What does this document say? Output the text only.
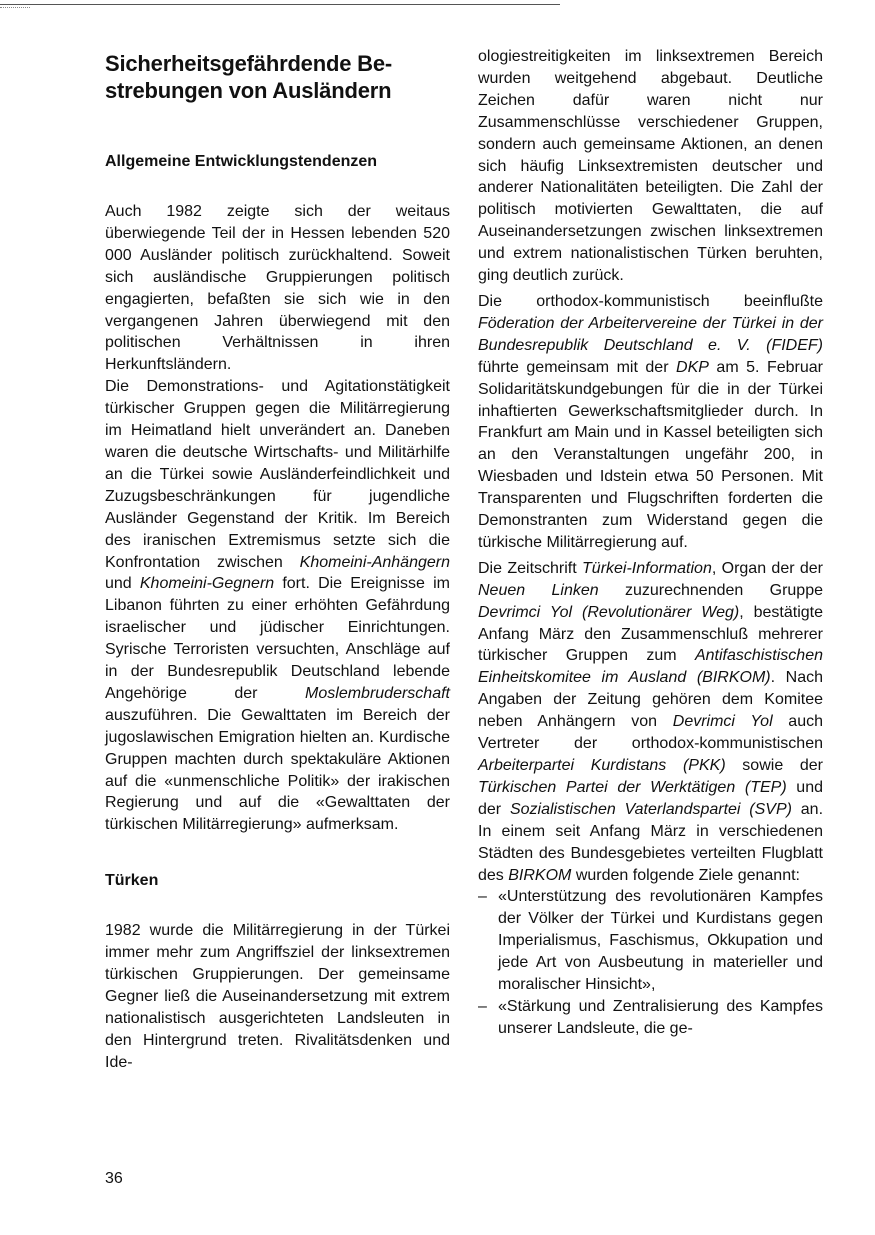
Sicherheitsgefährdende Be-
strebungen von Ausländern
Allgemeine Entwicklungstendenzen

Auch 1982 zeigte sich der weitaus überwiegende Teil der in Hessen lebenden 520 000 Ausländer politisch zurückhaltend. Soweit sich ausländische Gruppierungen politisch engagierten, befaßten sie sich wie in den vergangenen Jahren überwiegend mit den politischen Verhältnissen in ihren Herkunftsländern.

Die Demonstrations- und Agitationstätigkeit türkischer Gruppen gegen die Militärregierung im Heimatland hielt unverändert an. Daneben waren die deutsche Wirtschafts- und Militärhilfe an die Türkei sowie Ausländerfeindlichkeit und Zuzugsbeschränkungen für jugendliche Ausländer Gegenstand der Kritik. Im Bereich des iranischen Extremismus setzte sich die Konfrontation zwischen Khomeini-Anhängern und Khomeini-Gegnern fort. Die Ereignisse im Libanon führten zu einer erhöhten Gefährdung israelischer und jüdischer Einrichtungen. Syrische Terroristen versuchten, Anschläge auf in der Bundesrepublik Deutschland lebende Angehörige der Moslembruderschaft auszuführen. Die Gewalttaten im Bereich der jugoslawischen Emigration hielten an. Kurdische Gruppen machten durch spektakuläre Aktionen auf die «unmenschliche Politik» der irakischen Regierung und auf die «Gewalttaten der türkischen Militärregierung» aufmerksam.

Türken

1982 wurde die Militärregierung in der Türkei immer mehr zum Angriffsziel der linksextremen türkischen Gruppierungen. Der gemeinsame Gegner ließ die Auseinandersetzung mit extrem nationalistisch ausgerichteten Landsleuten in den Hintergrund treten. Rivalitätsdenken und Ide-

ologiestreitigkeiten im linksextremen Bereich wurden weitgehend abgebaut. Deutliche Zeichen dafür waren nicht nur Zusammenschlüsse verschiedener Gruppen, sondern auch gemeinsame Aktionen, an denen sich häufig Linksextremisten deutscher und anderer Nationalitäten beteiligten. Die Zahl der politisch motivierten Gewalttaten, die auf Auseinandersetzungen zwischen linksextremen und extrem nationalistischen Türken beruhten, ging deutlich zurück.

Die orthodox-kommunistisch beeinflußte Föderation der Arbeitervereine der Türkei in der Bundesrepublik Deutschland e. V. (FIDEF) führte gemeinsam mit der DKP am 5. Februar Solidaritätskundgebungen für die in der Türkei inhaftierten Gewerkschaftsmitglieder durch. In Frankfurt am Main und in Kassel beteiligten sich an den Veranstaltungen ungefähr 200, in Wiesbaden und Idstein etwa 50 Personen. Mit Transparenten und Flugschriften forderten die Demonstranten zum Widerstand gegen die türkische Militärregierung auf.

Die Zeitschrift Türkei-Information, Organ der der Neuen Linken zuzurechnenden Gruppe Devrimci Yol (Revolutionärer Weg), bestätigte Anfang März den Zusammenschluß mehrerer türkischer Gruppen zum Antifaschistischen Einheitskomitee im Ausland (BIRKOM). Nach Angaben der Zeitung gehören dem Komitee neben Anhängern von Devrimci Yol auch Vertreter der orthodox-kommunistischen Arbeiterpartei Kurdistans (PKK) sowie der Türkischen Partei der Werktätigen (TEP) und der Sozialistischen Vaterlandspartei (SVP) an. In einem seit Anfang März in verschiedenen Städten des Bundesgebietes verteilten Flugblatt des BIRKOM wurden folgende Ziele genannt:

– «Unterstützung des revolutionären Kampfes der Völker der Türkei und Kurdistans gegen Imperialismus, Faschismus, Okkupation und jede Art von Ausbeutung in materieller und moralischer Hinsicht»,
– «Stärkung und Zentralisierung des Kampfes unserer Landsleute, die ge-
36
